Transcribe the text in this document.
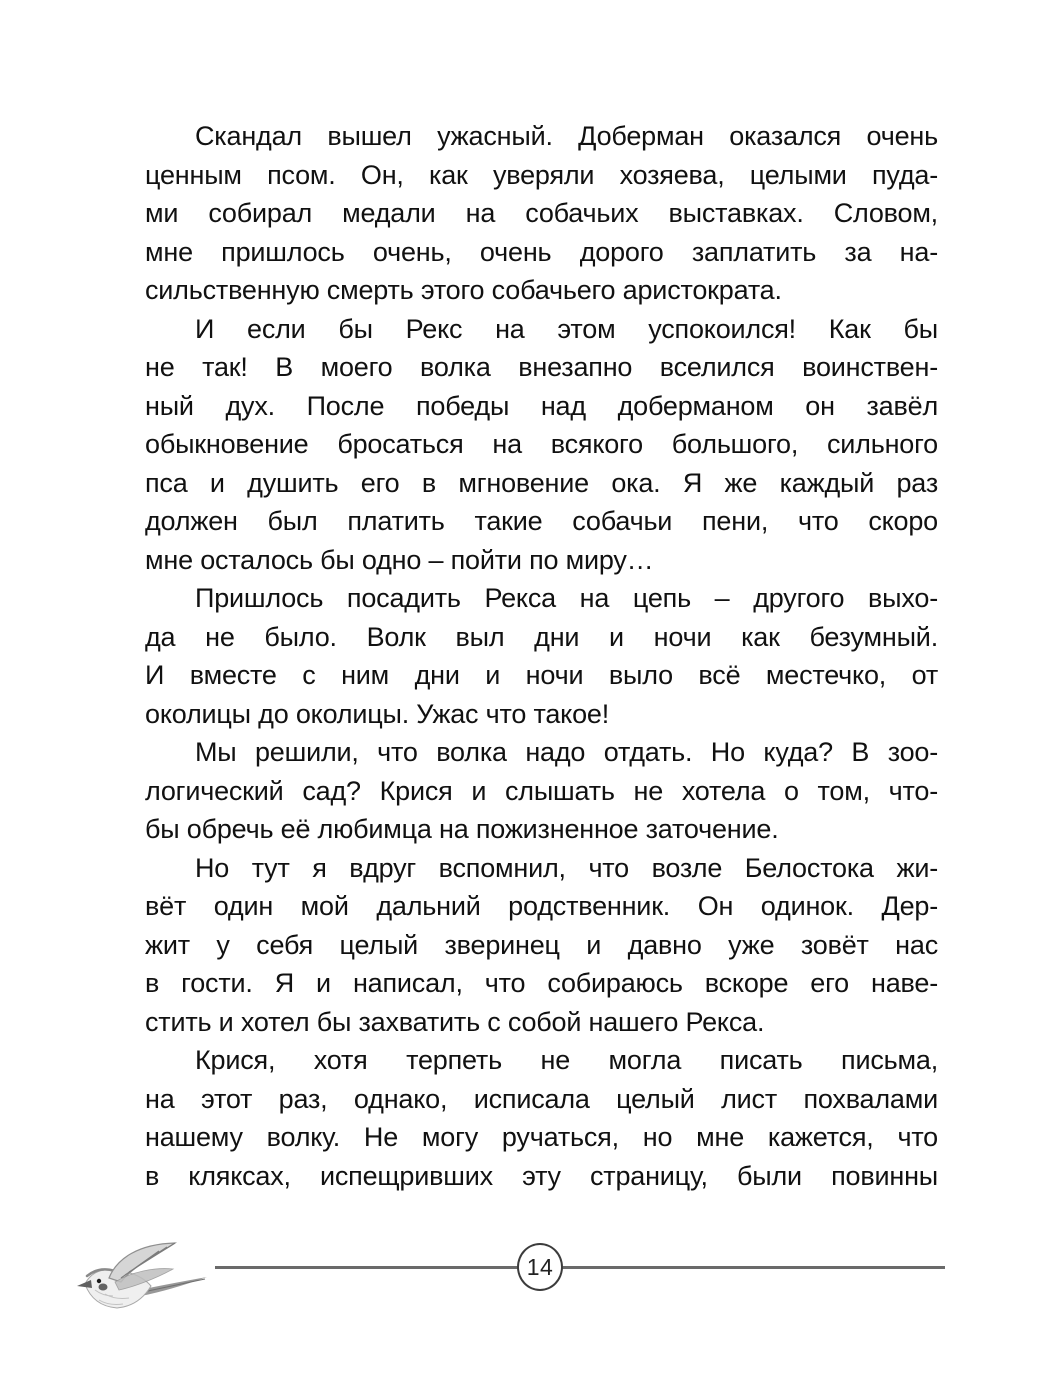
Скандал вышел ужасный. Доберман оказался очень
ценным псом. Он, как уверяли хозяева, целыми пуда-
ми собирал медали на собачьих выставках. Словом,
мне пришлось очень, очень дорого заплатить за на-
сильственную смерть этого собачьего аристократа.
И если бы Рекс на этом успокоился! Как бы
не так! В моего волка внезапно вселился воинствен-
ный дух. После победы над доберманом он завёл
обыкновение бросаться на всякого большого, сильного
пса и душить его в мгновение ока. Я же каждый раз
должен был платить такие собачьи пени, что скоро
мне осталось бы одно – пойти по миру…
Пришлось посадить Рекса на цепь – другого выхо-
да не было. Волк выл дни и ночи как безумный.
И вместе с ним дни и ночи выло всё местечко, от
околицы до околицы. Ужас что такое!
Мы решили, что волка надо отдать. Но куда? В зоо-
логический сад? Крися и слышать не хотела о том, что-
бы обречь её любимца на пожизненное заточение.
Но тут я вдруг вспомнил, что возле Белостока жи-
вёт один мой дальний родственник. Он одинок. Дер-
жит у себя целый зверинец и давно уже зовёт нас
в гости. Я и написал, что собираюсь вскоре его наве-
стить и хотел бы захватить с собой нашего Рекса.
Крися, хотя терпеть не могла писать письма,
на этот раз, однако, исписала целый лист похвалами
нашему волку. Не могу ручаться, но мне кажется, что
в кляксах, испещривших эту страницу, были повинны
14
